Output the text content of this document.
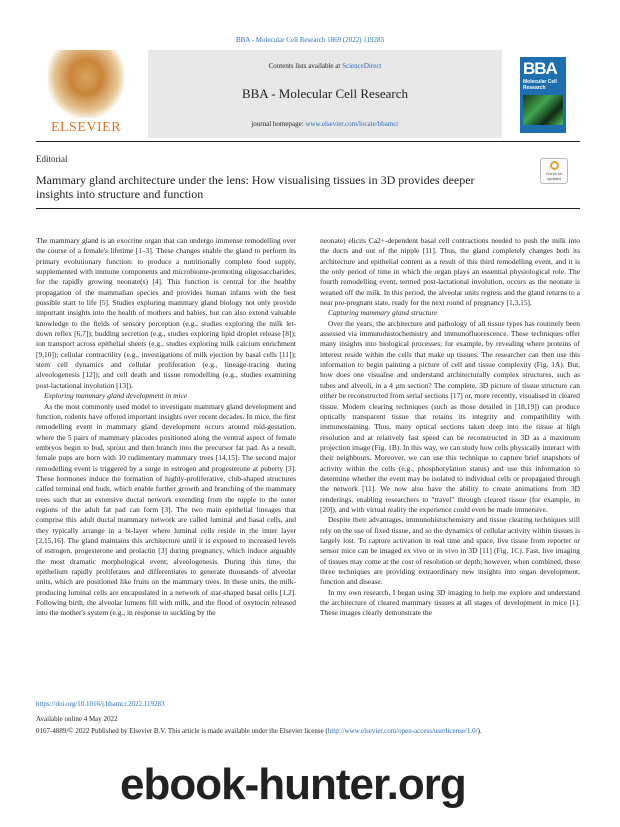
BBA - Molecular Cell Research 1869 (2022) 119283
ELSEVIER
Contents lists available at ScienceDirect
BBA - Molecular Cell Research
journal homepage: www.elsevier.com/locate/bbamcr
BBA
Molecular Cell Research
Editorial
Check for updates
Mammary gland architecture under the lens: How visualising tissues in 3D provides deeper insights into structure and function

The mammary gland is an exocrine organ that can undergo immense remodelling over the course of a female's lifetime [1–3]. These changes enable the gland to perform its primary evolutionary function: to produce a nutritionally complete food supply, supplemented with immune components and microbiome-promoting oligosaccharides, for the rapidly growing neonate(s) [4]. This function is central for the healthy propagation of the mammalian species and provides human infants with the best possible start to life [5]. Studies exploring mammary gland biology not only provide important insights into the health of mothers and babies, but can also extend valuable knowledge to the fields of sensory perception (e.g., studies exploring the milk let-down reflex [6,7]); budding secretion (e.g., studies exploring lipid droplet release [8]); ion transport across epithelial sheets (e.g., studies exploring milk calcium enrichment [9,10]); cellular contractility (e.g., investigations of milk ejection by basal cells [11]); stem cell dynamics and cellular proliferation (e.g., lineage-tracing during alveologenesis [12]); and cell death and tissue remodelling (e.g., studies examining post-lactational involution [13]).

Exploring mammary gland development in mice

As the most commonly used model to investigate mammary gland development and function, rodents have offered important insights over recent decades. In mice, the first remodelling event in mammary gland development occurs around mid-gestation, where the 5 pairs of mammary placodes positioned along the ventral aspect of female embryos begin to bud, sprout and then branch into the precursor fat pad. As a result, female pups are born with 10 rudimentary mammary trees [14,15]. The second major remodelling event is triggered by a surge in estrogen and progesterone at puberty [3]. These hormones induce the formation of highly-proliferative, club-shaped structures called terminal end buds, which enable further growth and branching of the mammary trees such that an extensive ductal network extending from the nipple to the outer regions of the adult fat pad can form [3]. The two main epithelial lineages that comprise this adult ductal mammary network are called luminal and basal cells, and they typically arrange in a bi-layer where luminal cells reside in the inner layer [2,15,16]. The gland maintains this architecture until it is exposed to increased levels of estrogen, progesterone and prolactin [3] during pregnancy, which induce arguably the most dramatic morphological event; alveologenesis. During this time, the epithelium rapidly proliferates and differentiates to generate thousands of alveolar units, which are positioned like fruits on the mammary trees. In these units, the milk-producing luminal cells are encapsulated in a network of star-shaped basal cells [1,2]. Following birth, the alveolar lumens fill with milk, and the flood of oxytocin released into the mother's system (e.g., in response to suckling by the

neonate) elicits Ca2+-dependent basal cell contractions needed to push the milk into the ducts and out of the nipple [11]. Thus, the gland completely changes both its architecture and epithelial content as a result of this third remodelling event, and it is the only period of time in which the organ plays an essential physiological role. The fourth remodelling event, termed post-lactational involution, occurs as the neonate is weaned off the milk. In this period, the alveolar units regress and the gland returns to a near pre-pregnant state, ready for the next round of pregnancy [1,3,15].

Capturing mammary gland structure

Over the years, the architecture and pathology of all tissue types has routinely been assessed via immunohistochemistry and immunofluorescence. These techniques offer many insights into biological processes; for example, by revealing where proteins of interest reside within the cells that make up tissues. The researcher can then use this information to begin painting a picture of cell and tissue complexity (Fig. 1A). But, how does one visualise and understand architecturally complex structures, such as tubes and alveoli, in a 4 μm section? The complete, 3D picture of tissue structure can either be reconstructed from serial sections [17] or, more recently, visualised in cleared tissue. Modern clearing techniques (such as those detailed in [18,19]) can produce optically transparent tissue that retains its integrity and compatibility with immunostaining. Thus, many optical sections taken deep into the tissue at high resolution and at relatively fast speed can be reconstructed in 3D as a maximum projection image (Fig. 1B). In this way, we can study how cells physically interact with their neighbours. Moreover, we can use this technique to capture brief snapshots of activity within the cells (e.g., phosphorylation status) and use this information to determine whether the event may be isolated to individual cells or propagated through the network [11]. We now also have the ability to create animations from 3D renderings, enabling researchers to "travel" through cleared tissue (for example, in [20]), and with virtual reality the experience could even be made immersive.

Despite their advantages, immunohistochemistry and tissue clearing techniques still rely on the use of fixed tissue, and so the dynamics of cellular activity within tissues is largely lost. To capture activation in real time and space, live tissue from reporter or sensor mice can be imaged ex vivo or in vivo in 3D [11] (Fig. 1C). Fast, live imaging of tissues may come at the cost of resolution or depth; however, when combined, these three techniques are providing extraordinary new insights into organ development, function and disease.

In my own research, I began using 3D imaging to help me explore and understand the architecture of cleared mammary tissues at all stages of development in mice [1]. These images clearly demonstrate the

https://doi.org/10.1016/j.bbamcr.2022.119283
Available online 4 May 2022
0167-4889/© 2022 Published by Elsevier B.V. This article is made available under the Elsevier license (http://www.elsevier.com/open-access/userlicense/1.0/).
ebook-hunter.org
